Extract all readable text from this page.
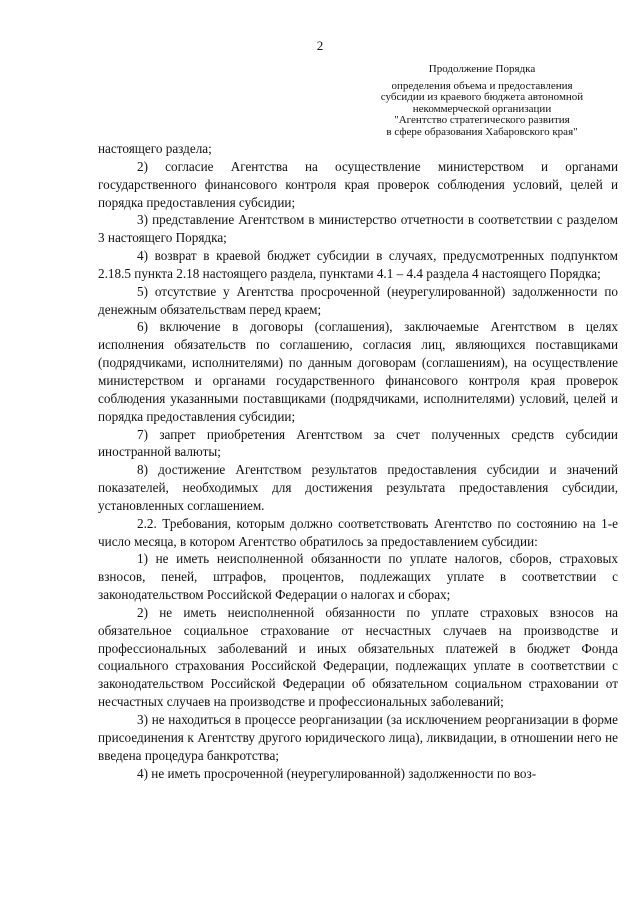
2
Продолжение Порядка
определения объема и предоставления
субсидии из краевого бюджета автономной
некоммерческой организации
"Агентство стратегического развития
в сфере образования Хабаровского края"

настоящего раздела;

2) согласие Агентства на осуществление министерством и органами государственного финансового контроля края проверок соблюдения условий, целей и порядка предоставления субсидии;

3) представление Агентством в министерство отчетности в соответствии с разделом 3 настоящего Порядка;

4) возврат в краевой бюджет субсидии в случаях, предусмотренных подпунктом 2.18.5 пункта 2.18 настоящего раздела, пунктами 4.1 – 4.4 раздела 4 настоящего Порядка;

5) отсутствие у Агентства просроченной (неурегулированной) задолженности по денежным обязательствам перед краем;

6) включение в договоры (соглашения), заключаемые Агентством в целях исполнения обязательств по соглашению, согласия лиц, являющихся поставщиками (подрядчиками, исполнителями) по данным договорам (соглашениям), на осуществление министерством и органами государственного финансового контроля края проверок соблюдения указанными поставщиками (подрядчиками, исполнителями) условий, целей и порядка предоставления субсидии;

7) запрет приобретения Агентством за счет полученных средств субсидии иностранной валюты;

8) достижение Агентством результатов предоставления субсидии и значений показателей, необходимых для достижения результата предоставления субсидии, установленных соглашением.

2.2. Требования, которым должно соответствовать Агентство по состоянию на 1-е число месяца, в котором Агентство обратилось за предоставлением субсидии:

1) не иметь неисполненной обязанности по уплате налогов, сборов, страховых взносов, пеней, штрафов, процентов, подлежащих уплате в соответствии с законодательством Российской Федерации о налогах и сборах;

2) не иметь неисполненной обязанности по уплате страховых взносов на обязательное социальное страхование от несчастных случаев на производстве и профессиональных заболеваний и иных обязательных платежей в бюджет Фонда социального страхования Российской Федерации, подлежащих уплате в соответствии с законодательством Российской Федерации об обязательном социальном страховании от несчастных случаев на производстве и профессиональных заболеваний;

3) не находиться в процессе реорганизации (за исключением реорганизации в форме присоединения к Агентству другого юридического лица), ликвидации, в отношении него не введена процедура банкротства;

4) не иметь просроченной (неурегулированной) задолженности по воз-
